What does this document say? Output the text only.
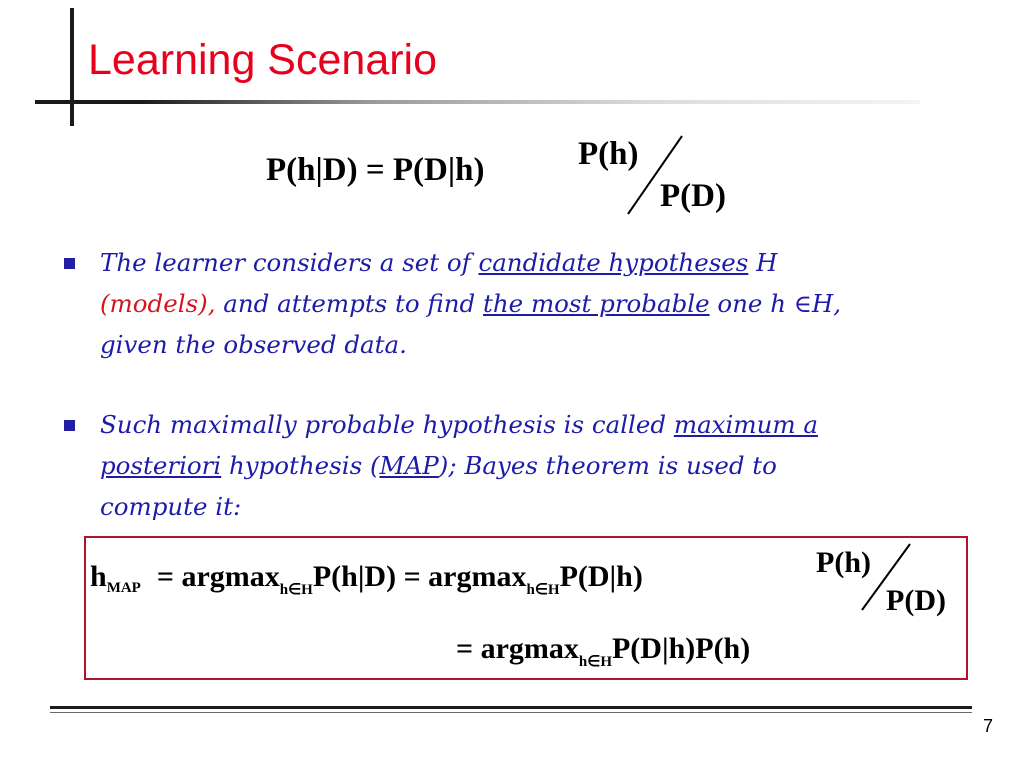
Learning Scenario
P(h|D) = P(D|h)	P(h)
P(D)
The learner considers a set of candidate hypotheses H
(models), and attempts to find the most probable one h ∈H,
given the observed data.
Such maximally probable hypothesis is called maximum a
posteriori hypothesis (MAP); Bayes theorem is used to
compute it:
$h_{MAP} = argmax_{h\in H}P(h|D) = argmax_{h\in H}P(D|h)$	P(h)
P(D)
= argmax$_{h\in H}$P(D|h)P(h)
7
